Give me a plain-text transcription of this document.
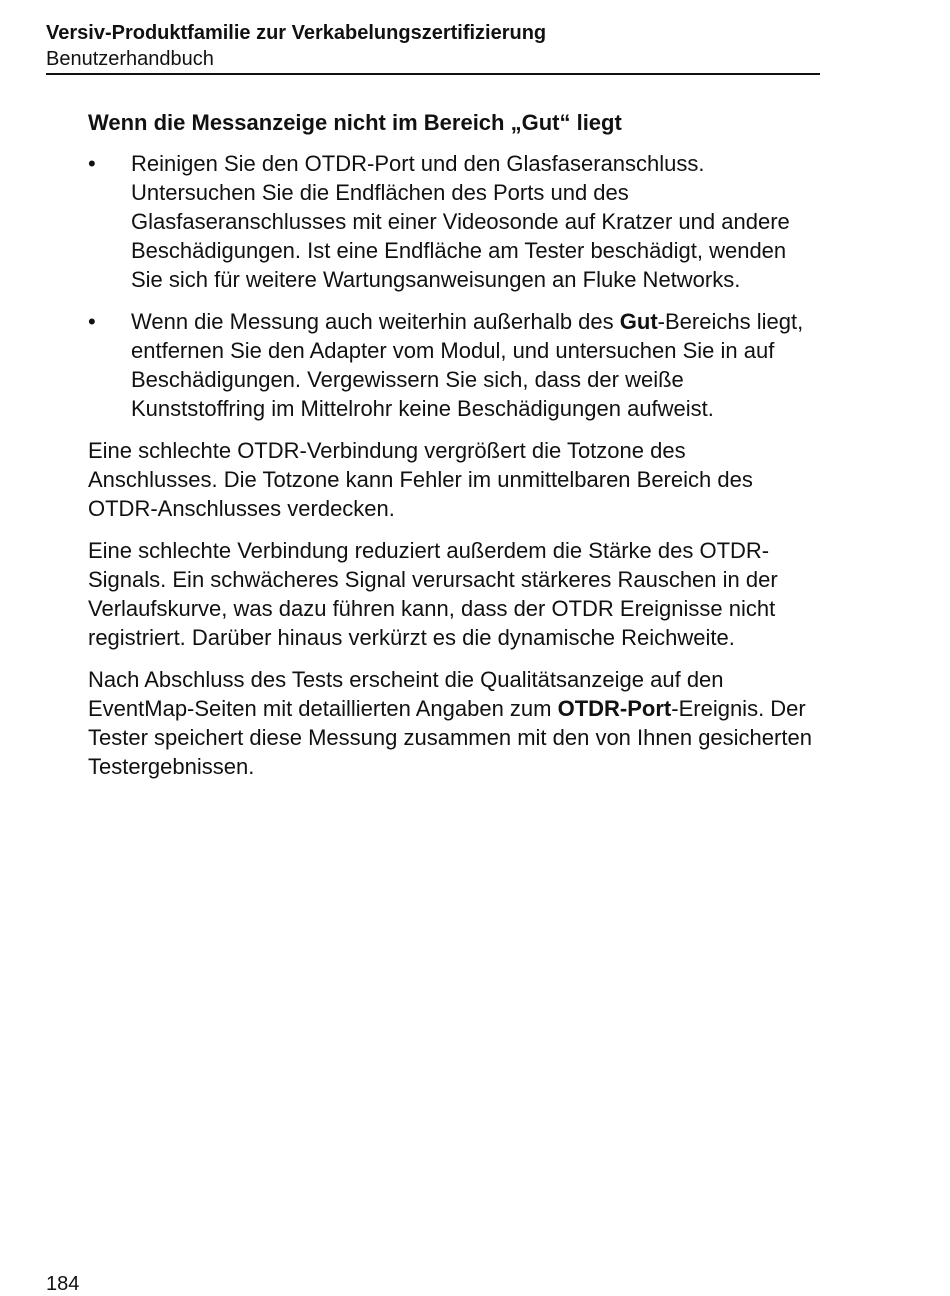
Versiv-Produktfamilie zur Verkabelungszertifizierung
Benutzerhandbuch
Wenn die Messanzeige nicht im Bereich „Gut“ liegt
•	Reinigen Sie den OTDR-Port und den Glasfaseranschluss. Untersuchen Sie die Endflächen des Ports und des Glasfaseranschlusses mit einer Videosonde auf Kratzer und andere Beschädigungen. Ist eine Endfläche am Tester beschädigt, wenden Sie sich für weitere Wartungsanweisungen an Fluke Networks.
•	Wenn die Messung auch weiterhin außerhalb des Gut-Bereichs liegt, entfernen Sie den Adapter vom Modul, und untersuchen Sie in auf Beschädigungen. Vergewissern Sie sich, dass der weiße Kunststoffring im Mittelrohr keine Beschädigungen aufweist.

Eine schlechte OTDR-Verbindung vergrößert die Totzone des Anschlusses. Die Totzone kann Fehler im unmittelbaren Bereich des OTDR-Anschlusses verdecken.

Eine schlechte Verbindung reduziert außerdem die Stärke des OTDR-Signals. Ein schwächeres Signal verursacht stärkeres Rauschen in der Verlaufskurve, was dazu führen kann, dass der OTDR Ereignisse nicht registriert. Darüber hinaus verkürzt es die dynamische Reichweite.

Nach Abschluss des Tests erscheint die Qualitätsanzeige auf den EventMap-Seiten mit detaillierten Angaben zum OTDR-Port-Ereignis. Der Tester speichert diese Messung zusammen mit den von Ihnen gesicherten Testergebnissen.

184
